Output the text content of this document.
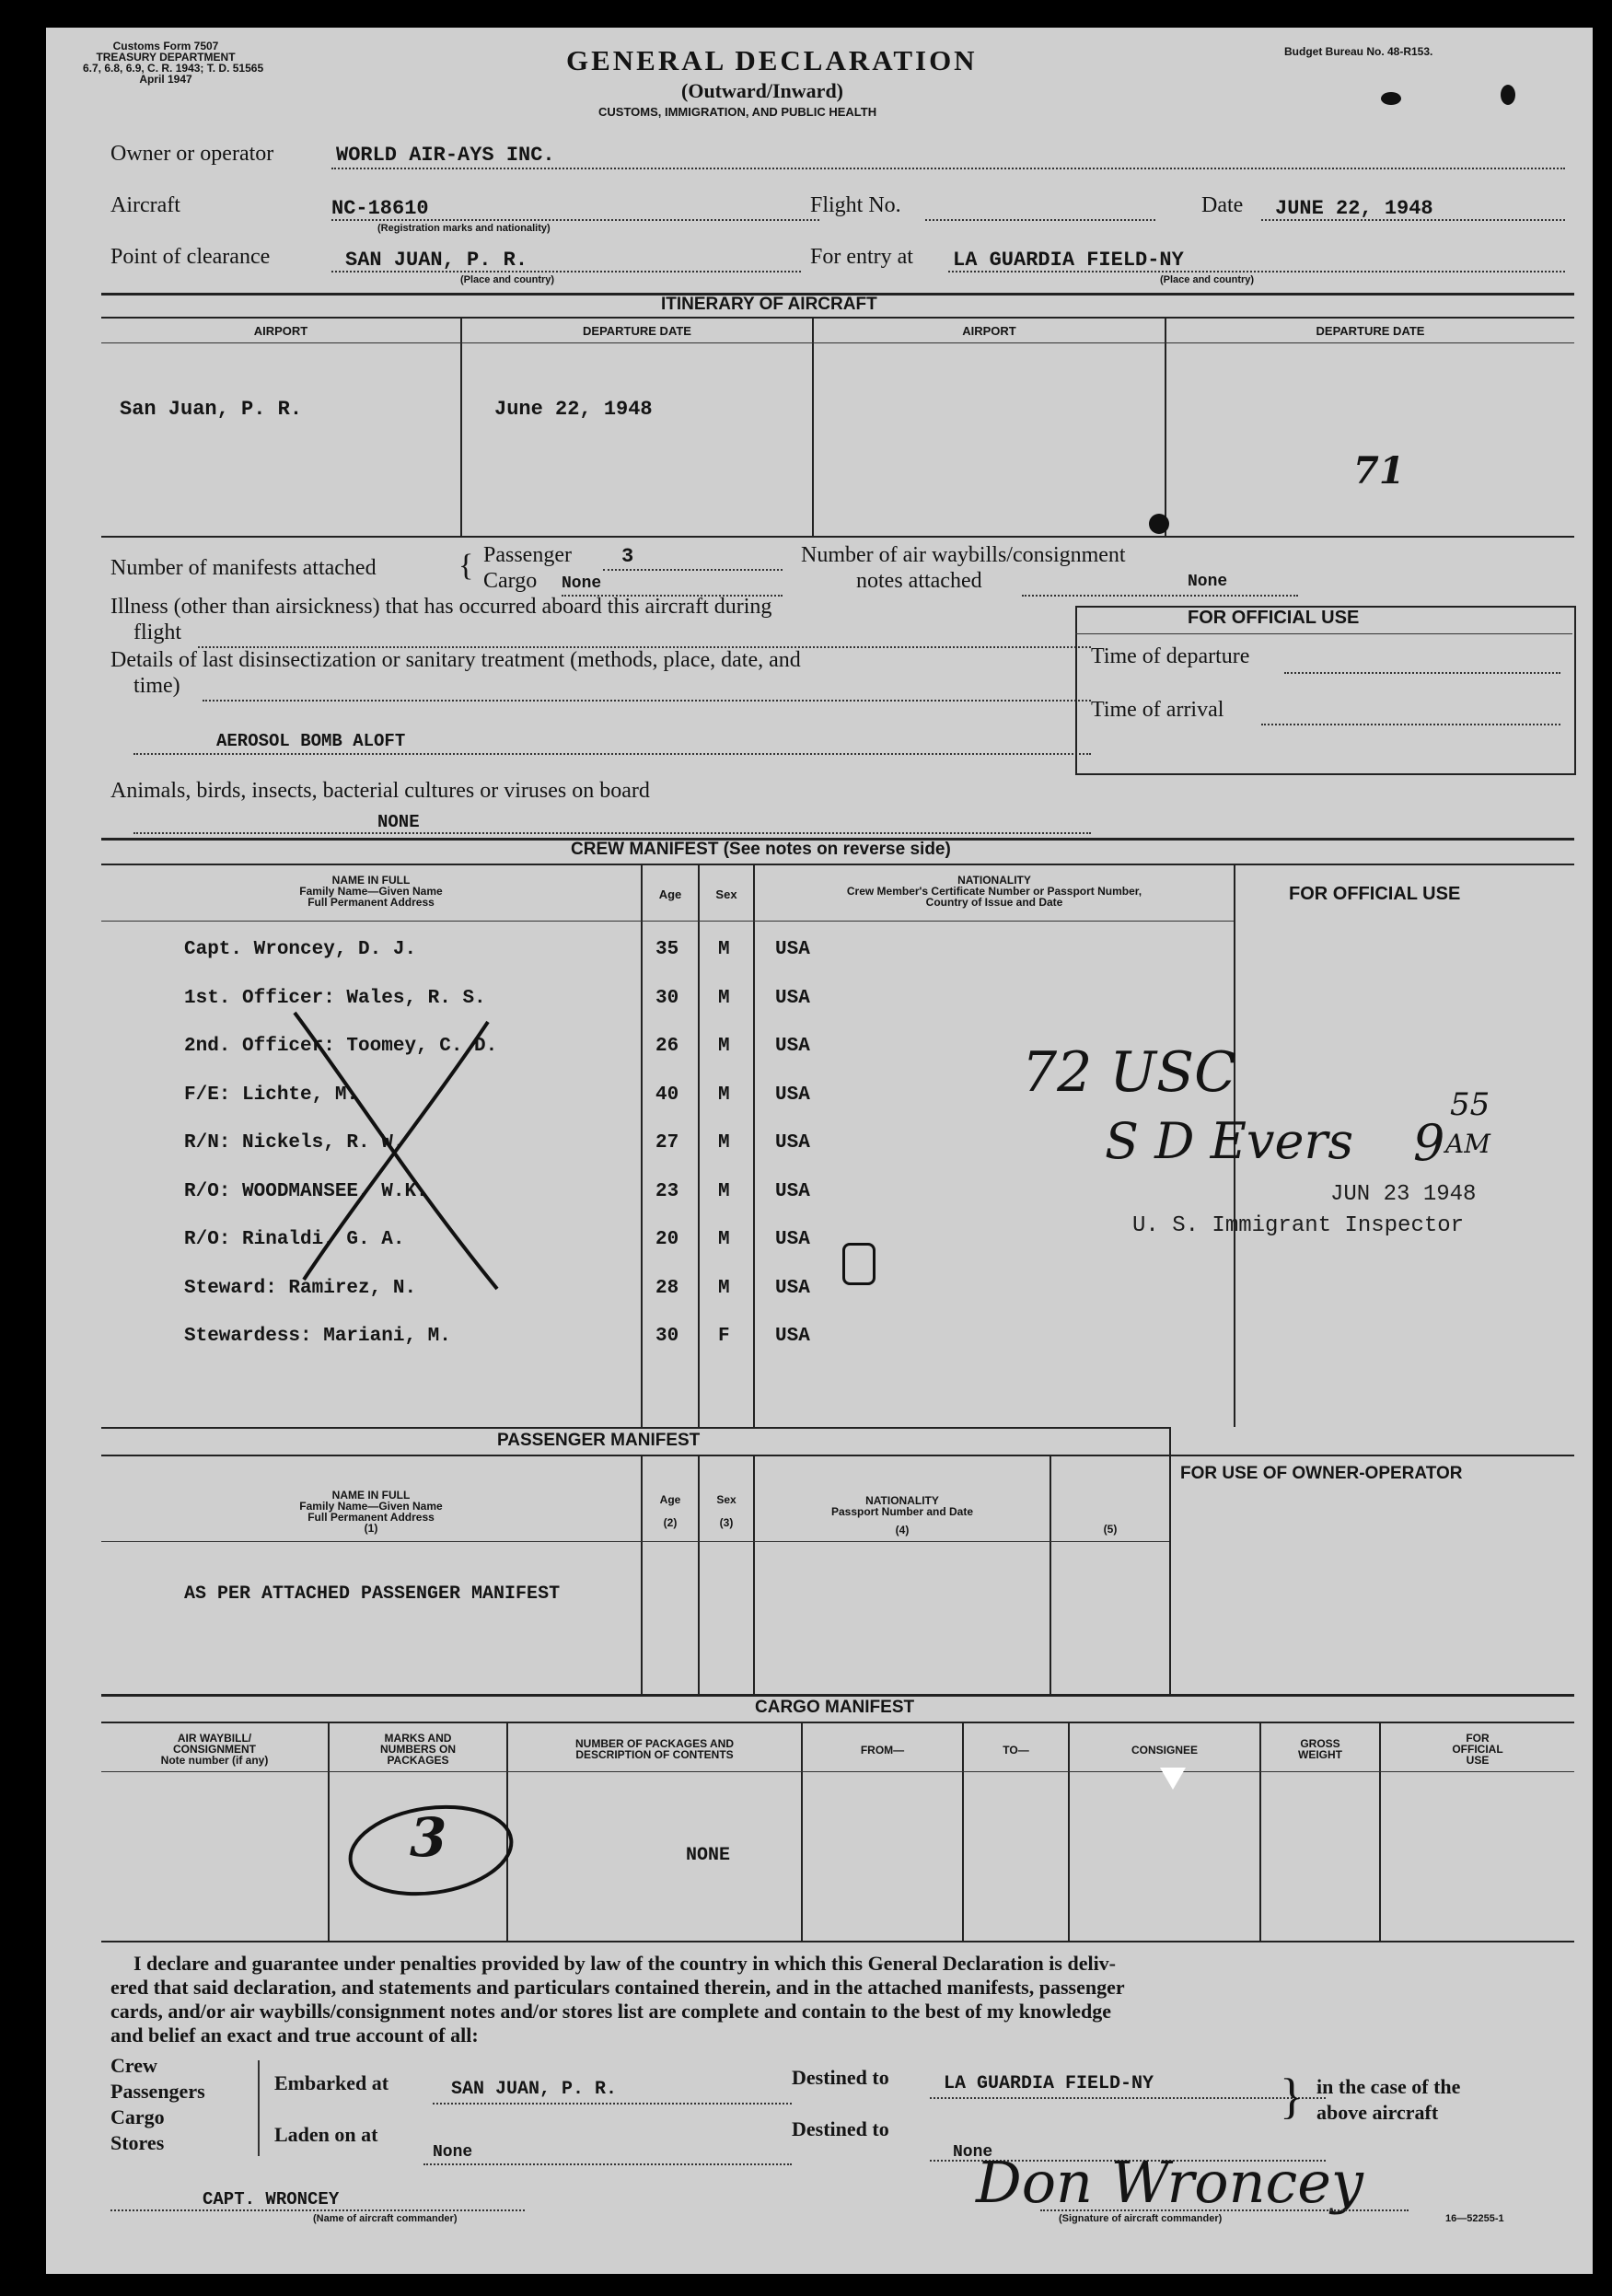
Customs Form 7507
TREASURY DEPARTMENT
6.7, 6.8, 6.9, C. R. 1943; T. D. 51565
April 1947
GENERAL DECLARATION
(Outward/Inward)
CUSTOMS, IMMIGRATION, AND PUBLIC HEALTH
Budget Bureau No. 48-R153.
Owner or operator	WORLD AIR-AYS INC.
Aircraft	NC-18610
(Registration marks and nationality)
Flight No.	Date JUNE 22, 1948
Point of clearance	SAN JUAN, P. R.
(Place and country)
For entry at LA GUARDIA FIELD-NY
(Place and country)
ITINERARY OF AIRCRAFT
AIRPORT	DEPARTURE DATE	AIRPORT	DEPARTURE DATE
San Juan, P. R.	June 22, 1948
71
Number of manifests attached	{ Passenger 3
Cargo None
Number of air waybills/consignment
notes attached	None
Illness (other than airsickness) that has occurred aboard this aircraft during
flight
Details of last disinsectization or sanitary treatment (methods, place, date, and
time)
AEROSOL BOMB ALOFT
Animals, birds, insects, bacterial cultures or viruses on board
NONE
FOR OFFICIAL USE
Time of departure
Time of arrival
CREW MANIFEST (See notes on reverse side)
NAME IN FULL
Family Name—Given Name
Full Permanent Address
Age	Sex
NATIONALITY
Crew Member's Certificate Number or Passport Number,
Country of Issue and Date	FOR OFFICIAL USE
Capt. Wroncey, D. J.	35 M USA
1st. Officer: Wales, R. S.	30 M USA
2nd. Officer: Toomey, C. D.	26 M USA
F/E: Lichte, M.	40 M USA
R/N: Nickels, R. W.	27 M USA
R/O: WOODMANSEE, W.K.	23 M USA
R/O: Rinaldi, G. A.	20 M USA
Steward: Ramirez, N.	28 M USA
Stewardess: Mariani, M.	30 F USA
72 USC
S D Evers 9
55
AM
JUN 23 1948
U. S. Immigrant Inspector
PASSENGER MANIFEST
NAME IN FULL
Family Name—Given Name
Full Permanent Address
(1)
Age
(2)
Sex
(3)
NATIONALITY
Passport Number and Date
(4)	(5)
FOR USE OF OWNER-OPERATOR
AS PER ATTACHED PASSENGER MANIFEST
CARGO MANIFEST
AIR WAYBILL/
CONSIGNMENT
Note number (if any)
MARKS AND
NUMBERS ON
PACKAGES
NUMBER OF PACKAGES AND
DESCRIPTION OF CONTENTS	FROM—	TO—	CONSIGNEE	GROSS
WEIGHT
FOR
OFFICIAL
USE
3	NONE
I declare and guarantee under penalties provided by law of the country in which this General Declaration is deliv-
ered that said declaration, and statements and particulars contained therein, and in the attached manifests, passenger
cards, and/or air waybills/consignment notes and/or stores list are complete and contain to the best of my knowledge
and belief an exact and true account of all:
Crew
Passengers
Cargo
Stores
Embarked at	SAN JUAN, P. R.
Laden on at
None
Destined to	LA GUARDIA FIELD-NY
Destined to
None
} in the case of the
above aircraft
CAPT. WRONCEY
(Name of aircraft commander)
Don Wroncey
(Signature of aircraft commander)	16—52255-1
